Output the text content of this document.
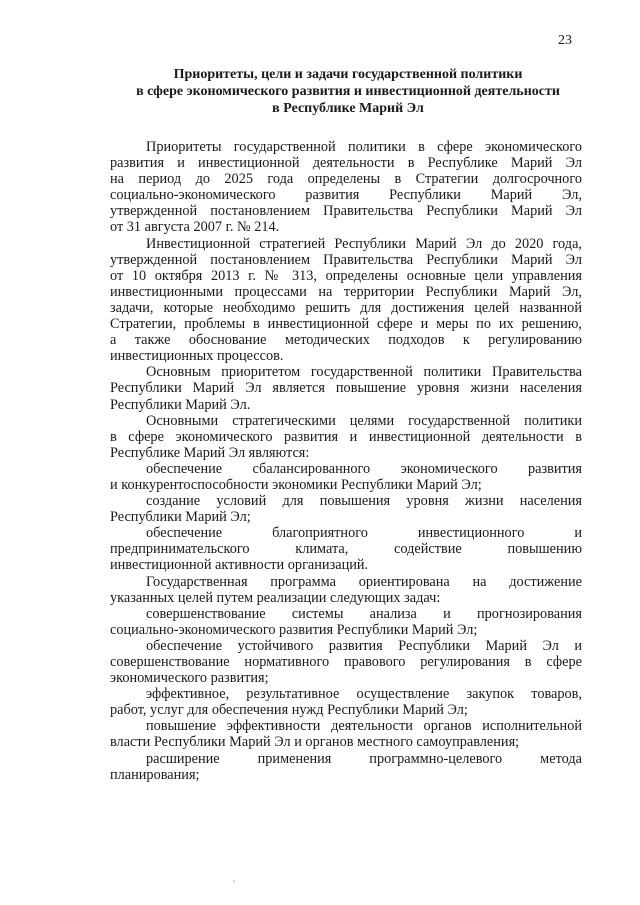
23
Приоритеты, цели и задачи государственной политики
в сфере экономического развития и инвестиционной деятельности
в Республике Марий Эл
Приоритеты государственной политики в сфере экономического
развития и инвестиционной деятельности в Республике Марий Эл
на период до 2025 года определены в Стратегии долгосрочного
социально-экономического развития Республики Марий Эл,
утвержденной постановлением Правительства Республики Марий Эл
от 31 августа 2007 г. № 214.
Инвестиционной стратегией Республики Марий Эл до 2020 года,
утвержденной постановлением Правительства Республики Марий Эл
от 10 октября 2013 г. № 313, определены основные цели управления
инвестиционными процессами на территории Республики Марий Эл,
задачи, которые необходимо решить для достижения целей названной
Стратегии, проблемы в инвестиционной сфере и меры по их решению,
а также обоснование методических подходов к регулированию
инвестиционных процессов.
Основным приоритетом государственной политики Правительства
Республики Марий Эл является повышение уровня жизни населения
Республики Марий Эл.
Основными стратегическими целями государственной политики
в сфере экономического развития и инвестиционной деятельности в
Республике Марий Эл являются:
обеспечение сбалансированного экономического развития
и конкурентоспособности экономики Республики Марий Эл;
создание условий для повышения уровня жизни населения
Республики Марий Эл;
обеспечение благоприятного инвестиционного и
предпринимательского климата, содействие повышению
инвестиционной активности организаций.
Государственная программа ориентирована на достижение
указанных целей путем реализации следующих задач:
совершенствование системы анализа и прогнозирования
социально-экономического развития Республики Марий Эл;
обеспечение устойчивого развития Республики Марий Эл и
совершенствование нормативного правового регулирования в сфере
экономического развития;
эффективное, результативное осуществление закупок товаров,
работ, услуг для обеспечения нужд Республики Марий Эл;
повышение эффективности деятельности органов исполнительной
власти Республики Марий Эл и органов местного самоуправления;
расширение применения программно-целевого метода
планирования;
